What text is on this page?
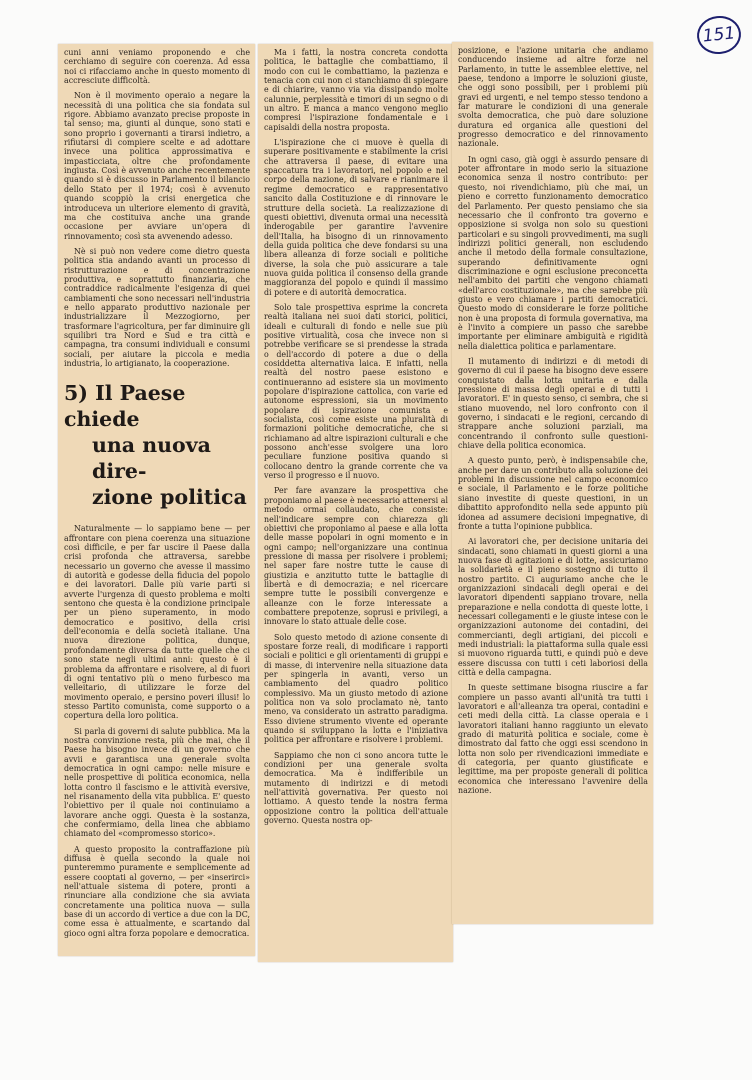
151

cuni anni veniamo proponendo e che cerchiamo di seguire con coerenza. Ad essa noi ci rifacciamo anche in questo momento di accresciute difficoltà.

Non è il movimento operaio a negare la necessità di una politica che sia fondata sul rigore. Abbiamo avanzato precise proposte in tal senso; ma, giunti al dunque, sono stati e sono proprio i governanti a tirarsi indietro, a rifiutarsi di compiere scelte e ad adottare invece una politica approssimativa e impasticciata, oltre che profondamente ingiusta. Così è avvenuto anche recentemente quando si è discusso in Parlamento il bilancio dello Stato per il 1974; così è avvenuto quando scoppiò la crisi energetica che introduceva un ulteriore elemento di gravità, ma che costituiva anche una grande occasione per avviare un'opera di rinnovamento; così sta avvenendo adesso.

Nè si può non vedere come dietro questa politica stia andando avanti un processo di ristrutturazione e di concentrazione produttiva, e soprattutto finanziaria, che contraddice radicalmente l'esigenza di quei cambiamenti che sono necessari nell'industria e nello apparato produttivo nazionale per industrializzare il Mezzogiorno, per trasformare l'agricoltura, per far diminuire gli squilibri tra Nord e Sud e tra città e campagna, tra consumi individuali e consumi sociali, per aiutare la piccola e media industria, lo artigianato, la cooperazione.

5) Il Paese chiede
una nuova dire-
zione politica

Naturalmente — lo sappiamo bene — per affrontare con piena coerenza una situazione così difficile, e per far uscire il Paese dalla crisi profonda che attraversa, sarebbe necessario un governo che avesse il massimo di autorità e godesse della fiducia del popolo e dei lavoratori. Dalle più varie parti si avverte l'urgenza di questo problema e molti sentono che questa è la condizione principale per un pieno superamento, in modo democratico e positivo, della crisi dell'economia e della società italiane. Una nuova direzione politica, dunque, profondamente diversa da tutte quelle che ci sono state negli ultimi anni: questo è il problema da affrontare e risolvere, al di fuori di ogni tentativo più o meno furbesco ma velleitario, di utilizzare le forze del movimento operaio, e persino poveri illusi! lo stesso Partito comunista, come supporto o a copertura della loro politica.

Si parla di governi di salute pubblica. Ma la nostra convinzione resta, più che mai, che il Paese ha bisogno invece di un governo che avvii e garantisca una generale svolta democratica in ogni campo: nelle misure e nelle prospettive di politica economica, nella lotta contro il fascismo e le attività eversive, nel risanamento della vita pubblica. E' questo l'obiettivo per il quale noi continuiamo a lavorare anche oggi. Questa è la sostanza, che confermiamo, della linea che abbiamo chiamato del «compromesso storico».

A questo proposito la contraffazione più diffusa è quella secondo la quale noi punteremmo puramente e semplicemente ad essere cooptati al governo, — per «inserirci» nell'attuale sistema di potere, pronti a rinunciare alla condizione che sia avviata concretamente una politica nuova — sulla base di un accordo di vertice a due con la DC, come essa è attualmente, e scartando dal gioco ogni altra forza popolare e democratica.

Ma i fatti, la nostra concreta condotta politica, le battaglie che combattiamo, il modo con cui le combattiamo, la pazienza e tenacia con cui non ci stanchiamo di spiegare e di chiarire, vanno via via dissipando molte calunnie, perplessità e timori di un segno o di un altro. E manca a manco vengono meglio compresi l'ispirazione fondamentale e i capisaldi della nostra proposta.

L'ispirazione che ci muove è quella di superare positivamente e stabilmente la crisi che attraversa il paese, di evitare una spaccatura tra i lavoratori, nel popolo e nel corpo della nazione, di salvare e rianimare il regime democratico e rappresentativo sancito dalla Costituzione e di rinnovare le strutture della società. La realizzazione di questi obiettivi, divenuta ormai una necessità inderogabile per garantire l'avvenire dell'Italia, ha bisogno di un rinnovamento della guida politica che deve fondarsi su una libera alleanza di forze sociali e politiche diverse, la sola che può assicurare a tale nuova guida politica il consenso della grande maggioranza del popolo e quindi il massimo di potere e di autorità democratica.

Solo tale prospettiva esprime la concreta realtà italiana nei suoi dati storici, politici, ideali e culturali di fondo e nelle sue più positive virtualità, cosa che invece non si potrebbe verificare se si prendesse la strada o dell'accordo di potere a due o della cosiddetta alternativa laica. E infatti, nella realtà del nostro paese esistono e continueranno ad esistere sia un movimento popolare d'ispirazione cattolica, con varie ed autonome espressioni, sia un movimento popolare di ispirazione comunista e socialista, così come esiste una pluralità di formazioni politiche democratiche, che si richiamano ad altre ispirazioni culturali e che possono anch'esse svolgere una loro peculiare funzione positiva quando si collocano dentro la grande corrente che va verso il progresso e il nuovo.

Per fare avanzare la prospettiva che proponiamo al paese è necessario attenersi al metodo ormai collaudato, che consiste: nell'indicare sempre con chiarezza gli obiettivi che proponiamo al paese e alla lotta delle masse popolari in ogni momento e in ogni campo; nell'organizzare una continua pressione di massa per risolvere i problemi; nel saper fare nostre tutte le cause di giustizia e anzitutto tutte le battaglie di libertà e di democrazia; e nel ricercare sempre tutte le possibili convergenze e alleanze con le forze interessate a combattere prepotenze, soprusi e privilegi, a innovare lo stato attuale delle cose.

Solo questo metodo di azione consente di spostare forze reali, di modificare i rapporti sociali e politici e gli orientamenti di gruppi e di masse, di intervenire nella situazione data per spingerla in avanti, verso un cambiamento del quadro politico complessivo. Ma un giusto metodo di azione politica non va solo proclamato nè, tanto meno, va considerato un astratto paradigma. Esso diviene strumento vivente ed operante quando si sviluppano la lotta e l'iniziativa politica per affrontare e risolvere i problemi.

Sappiamo che non ci sono ancora tutte le condizioni per una generale svolta democratica. Ma è indifferibile un mutamento di indirizzi e di metodi nell'attività governativa. Per questo noi lottiamo. A questo tende la nostra ferma opposizione contro la politica dell'attuale governo. Questa nostra op-

posizione, e l'azione unitaria che andiamo conducendo insieme ad altre forze nel Parlamento, in tutte le assemblee elettive, nel paese, tendono a imporre le soluzioni giuste, che oggi sono possibili, per i problemi più gravi ed urgenti, e nel tempo stesso tendono a far maturare le condizioni di una generale svolta democratica, che può dare soluzione duratura ed organica alle questioni del progresso democratico e del rinnovamento nazionale.

In ogni caso, già oggi è assurdo pensare di poter affrontare in modo serio la situazione economica senza il nostro contributo: per questo, noi rivendichiamo, più che mai, un pieno e corretto funzionamento democratico del Parlamento. Per questo pensiamo che sia necessario che il confronto tra governo e opposizione si svolga non solo su questioni particolari e su singoli provvedimenti, ma sugli indirizzi politici generali, non escludendo anche il metodo della formale consultazione, superando definitivamente ogni discriminazione e ogni esclusione preconcetta nell'ambito dei partiti che vengono chiamati «dell'arco costituzionale», ma che sarebbe più giusto e vero chiamare i partiti democratici. Questo modo di considerare le forze politiche non è una proposta di formula governativa, ma è l'invito a compiere un passo che sarebbe importante per eliminare ambiguità e rigidità nella dialettica politica e parlamentare.

Il mutamento di indirizzi e di metodi di governo di cui il paese ha bisogno deve essere conquistato dalla lotta unitaria e dalla pressione di massa degli operai e di tutti i lavoratori. E' in questo senso, ci sembra, che si stiano muovendo, nel loro confronto con il governo, i sindacati e le regioni, cercando di strappare anche soluzioni parziali, ma concentrando il confronto sulle questioni-chiave della politica economica.

A questo punto, però, è indispensabile che, anche per dare un contributo alla soluzione dei problemi in discussione nel campo economico e sociale, il Parlamento e le forze politiche siano investite di queste questioni, in un dibattito approfondito nella sede appunto più idonea ad assumere decisioni impegnative, di fronte a tutta l'opinione pubblica.

Ai lavoratori che, per decisione unitaria dei sindacati, sono chiamati in questi giorni a una nuova fase di agitazioni e di lotte, assicuriamo la solidarietà e il pieno sostegno di tutto il nostro partito. Ci auguriamo anche che le organizzazioni sindacali degli operai e dei lavoratori dipendenti sappiano trovare, nella preparazione e nella condotta di queste lotte, i necessari collegamenti e le giuste intese con le organizzazioni autonome dei contadini, dei commercianti, degli artigiani, dei piccoli e medi industriali: la piattaforma sulla quale essi si muovono riguarda tutti, e quindi può e deve essere discussa con tutti i ceti laboriosi della città e della campagna.

In queste settimane bisogna riuscire a far compiere un passo avanti all'unità tra tutti i lavoratori e all'alleanza tra operai, contadini e ceti medi della città. La classe operaia e i lavoratori italiani hanno raggiunto un elevato grado di maturità politica e sociale, come è dimostrato dal fatto che oggi essi scendono in lotta non solo per rivendicazioni immediate e di categoria, per quanto giustificate e legittime, ma per proposte generali di politica economica che interessano l'avvenire della nazione.
